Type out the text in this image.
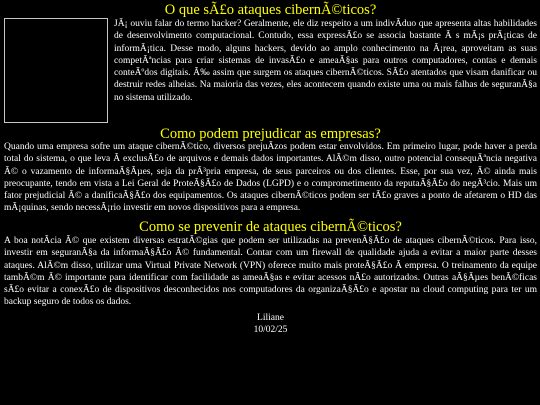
O que sÃ£o ataques cibernÃ©ticos?

JÃ¡ ouviu falar do termo hacker? Geralmente, ele diz respeito a um indivÃduo que apresenta altas habilidades de desenvolvimento computacional. Contudo, essa expressÃ£o se associa bastante Ã s mÃ¡s prÃ¡ticas de informÃ¡tica. Desse modo, alguns hackers, devido ao amplo conhecimento na Ã¡rea, aproveitam as suas competÃªncias para criar sistemas de invasÃ£o e ameaÃ§as para outros computadores, contas e demais conteÃºdos digitais. Ã‰ assim que surgem os ataques cibernÃ©ticos. SÃ£o atentados que visam danificar ou destruir redes alheias. Na maioria das vezes, eles acontecem quando existe uma ou mais falhas de seguranÃ§a no sistema utilizado.

Como podem prejudicar as empresas?

Quando uma empresa sofre um ataque cibernÃ©tico, diversos prejuÃzos podem estar envolvidos. Em primeiro lugar, pode haver a perda total do sistema, o que leva Ã exclusÃ£o de arquivos e demais dados importantes. AlÃ©m disso, outro potencial consequÃªncia negativa Ã© o vazamento de informaÃ§Ãµes, seja da prÃ³pria empresa, de seus parceiros ou dos clientes. Esse, por sua vez, Ã© ainda mais preocupante, tendo em vista a Lei Geral de ProteÃ§Ã£o de Dados (LGPD) e o comprometimento da reputaÃ§Ã£o do negÃ³cio. Mais um fator prejudicial Ã© a danificaÃ§Ã£o dos equipamentos. Os ataques cibernÃ©ticos podem ser tÃ£o graves a ponto de afetarem o HD das mÃ¡quinas, sendo necessÃ¡rio investir em novos dispositivos para a empresa.

Como se prevenir de ataques cibernÃ©ticos?

A boa notÃcia Ã© que existem diversas estratÃ©gias que podem ser utilizadas na prevenÃ§Ã£o de ataques cibernÃ©ticos. Para isso, investir em seguranÃ§a da informaÃ§Ã£o Ã© fundamental. Contar com um firewall de qualidade ajuda a evitar a maior parte desses ataques. AlÃ©m disso, utilizar uma Virtual Private Network (VPN) oferece muito mais proteÃ§Ã£o Ã empresa. O treinamento da equipe tambÃ©m Ã© importante para identificar com facilidade as ameaÃ§as e evitar acessos nÃ£o autorizados. Outras aÃ§Ãµes benÃ©ficas sÃ£o evitar a conexÃ£o de dispositivos desconhecidos nos computadores da organizaÃ§Ã£o e apostar na cloud computing para ter um backup seguro de todos os dados.

Liliane
10/02/25
